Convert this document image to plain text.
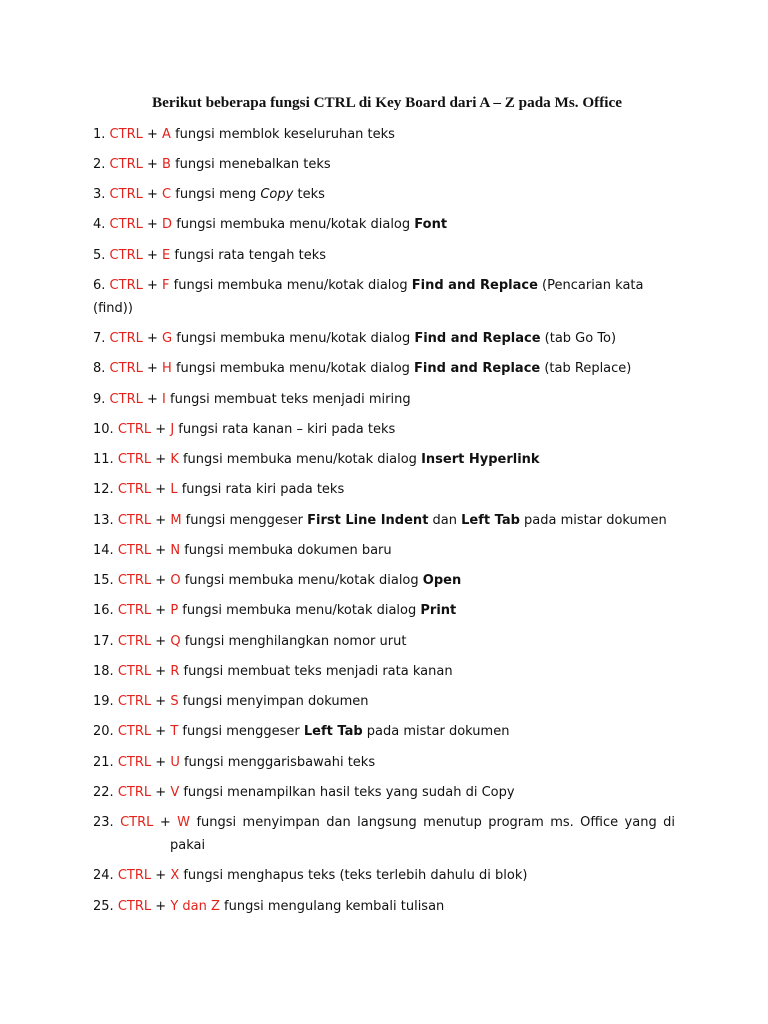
Berikut beberapa fungsi CTRL di Key Board dari A – Z pada Ms. Office
1. CTRL + A fungsi memblok keseluruhan teks
2. CTRL + B fungsi menebalkan teks
3. CTRL + C fungsi meng Copy teks
4. CTRL + D fungsi membuka menu/kotak dialog Font
5. CTRL + E fungsi rata tengah teks
6. CTRL + F fungsi membuka menu/kotak dialog Find and Replace (Pencarian kata
(find))
7. CTRL + G fungsi membuka menu/kotak dialog Find and Replace (tab Go To)
8. CTRL + H fungsi membuka menu/kotak dialog Find and Replace (tab Replace)
9. CTRL + I fungsi membuat teks menjadi miring
10. CTRL + J fungsi rata kanan – kiri pada teks
11. CTRL + K fungsi membuka menu/kotak dialog Insert Hyperlink
12. CTRL + L fungsi rata kiri pada teks
13. CTRL + M fungsi menggeser First Line Indent dan Left Tab pada mistar dokumen
14. CTRL + N fungsi membuka dokumen baru
15. CTRL + O fungsi membuka menu/kotak dialog Open
16. CTRL + P fungsi membuka menu/kotak dialog Print
17. CTRL + Q fungsi menghilangkan nomor urut
18. CTRL + R fungsi membuat teks menjadi rata kanan
19. CTRL + S fungsi menyimpan dokumen
20. CTRL + T fungsi menggeser Left Tab pada mistar dokumen
21. CTRL + U fungsi menggarisbawahi teks
22. CTRL + V fungsi menampilkan hasil teks yang sudah di Copy
23. CTRL + W fungsi menyimpan dan langsung menutup program ms. Office yang di
pakai
24. CTRL + X fungsi menghapus teks (teks terlebih dahulu di blok)
25. CTRL + Y dan Z fungsi mengulang kembali tulisan
